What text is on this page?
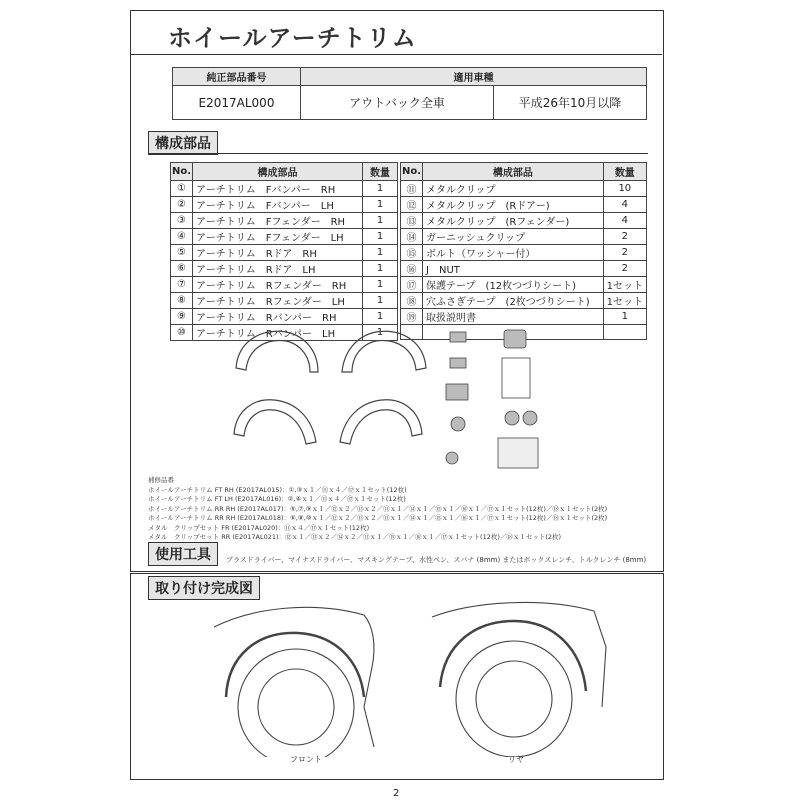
ホイールアーチトリム
純正部品番号	適用車種	
E2017AL000	アウトバック全車	平成26年10月以降
構成部品
No.	構成部品	数量
①	アーチトリム　Fバンパー　RH	1
②	アーチトリム　Fバンパー　LH	1
③	アーチトリム　Fフェンダー　RH	1
④	アーチトリム　Fフェンダー　LH	1
⑤	アーチトリム　Rドア　RH	1
⑥	アーチトリム　Rドア　LH	1
⑦	アーチトリム　Rフェンダー　RH	1
⑧	アーチトリム　Rフェンダー　LH	1
⑨	アーチトリム　Rバンパー　RH	1
⑩	アーチトリム　Rバンパー　LH	1
No.	構成部品	数量
⑪	メタルクリップ	10
⑫	メタルクリップ　(Rドアー)	4
⑬	メタルクリップ　(Rフェンダー)	4
⑭	ガーニッシュクリップ	2
⑮	ボルト（ワッシャー付）	2
⑯	J　NUT	2
⑰	保護テープ　(12枚つづりシート)	1セット
⑱	穴ふさぎテープ　(2枚つづりシート)	1セット
⑲	取扱説明書	1

補修品番
ホイールアーチトリム FT RH (E2017AL015)：①,③ｘ１／⑪ｘ４／⑰ｘ１セット(12枚)
ホイールアーチトリム FT LH (E2017AL016)：②,④ｘ１／⑪ｘ４／⑰ｘ１セット(12枚)
ホイールアーチトリム RR RH (E2017AL017)：⑤,⑦,⑨ｘ１／⑫ｘ２／⑬ｘ２／⑪ｘ１／⑭ｘ１／⑮ｘ１／⑯ｘ１／⑰ｘ１セット(12枚)／⑱ｘ１セット(2枚)
ホイールアーチトリム RR RH (E2017AL018)：⑥,⑧,⑩ｘ１／⑫ｘ２／⑬ｘ２／⑪ｘ１／⑭ｘ１／⑮ｘ１／⑯ｘ１／⑰ｘ１セット(12枚)／⑱ｘ１セット(2枚)
メタル　クリップセット FR (E2017AL020)：⑪ｘ４／⑰ｘ１セット(12枚)
メタル　クリップセット RR (E2017AL021)：⑫ｘ１／⑬ｘ２／⑭ｘ２／⑪ｘ１／⑮ｘ１／⑯ｘ１／⑰ｘ１セット(12枚)／⑱ｘ１セット(2枚)
使用工具	プラスドライバー、マイナスドライバー、マスキングテープ、水性ペン、スパナ (8mm) またはボックスレンチ、トルクレンチ (8mm)
取り付け完成図
フロント	リヤ
2
